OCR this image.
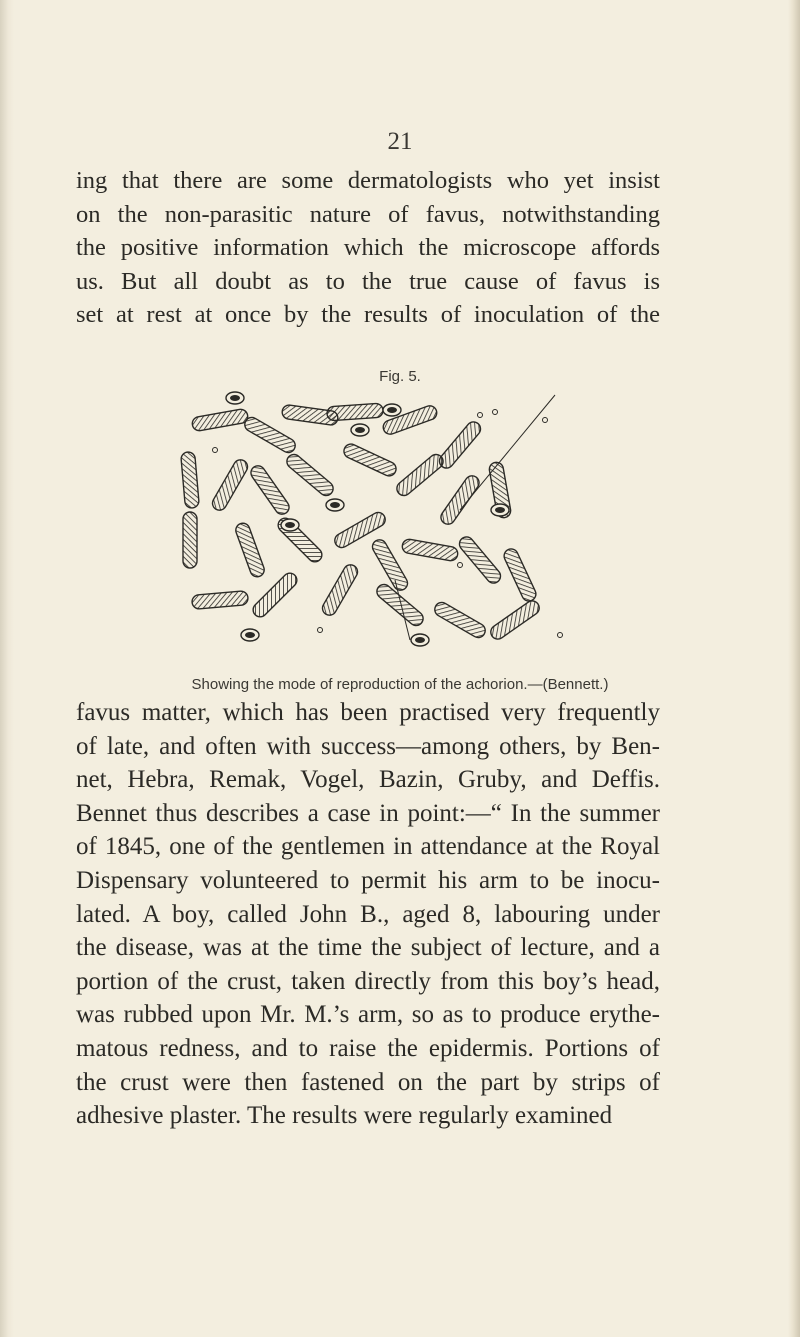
21
ing that there are some dermatologists who yet insist
on the non-parasitic nature of favus, notwithstanding
the positive information which the microscope affords
us. But all doubt as to the true cause of favus is
set at rest at once by the results of inoculation of the
Fig. 5.
Showing the mode of reproduction of the achorion.—(Bennett.)
favus matter, which has been practised very frequently
of late, and often with success—among others, by Ben-
net, Hebra, Remak, Vogel, Bazin, Gruby, and Deffis.
Bennet thus describes a case in point:—“ In the summer
of 1845, one of the gentlemen in attendance at the Royal
Dispensary volunteered to permit his arm to be inocu-
lated. A boy, called John B., aged 8, labouring under
the disease, was at the time the subject of lecture, and a
portion of the crust, taken directly from this boy’s head,
was rubbed upon Mr. M.’s arm, so as to produce erythe-
matous redness, and to raise the epidermis. Portions of
the crust were then fastened on the part by strips of
adhesive plaster. The results were regularly examined
